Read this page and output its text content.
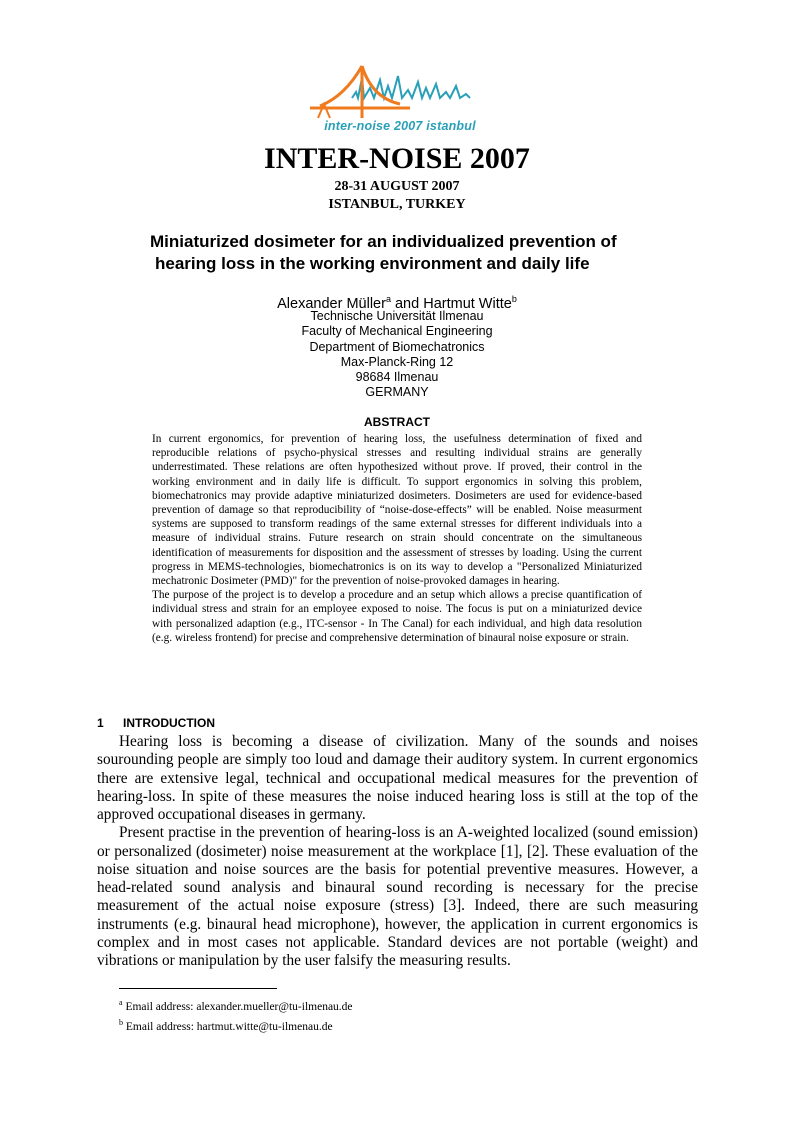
inter-noise 2007 istanbul
INTER-NOISE 2007
28-31 AUGUST 2007
ISTANBUL, TURKEY
Miniaturized dosimeter for an individualized prevention of
hearing loss in the working environment and daily life
Alexander Müller$^a$ and Hartmut Witte$^b$
Technische Universität Ilmenau
Faculty of Mechanical Engineering
Department of Biomechatronics
Max-Planck-Ring 12
98684 Ilmenau
GERMANY
ABSTRACT

In current ergonomics, for prevention of hearing loss, the usefulness determination of fixed and reproducible relations of psycho-physical stresses and resulting individual strains are generally underrestimated. These relations are often hypothesized without prove. If proved, their control in the working environment and in daily life is difficult. To support ergonomics in solving this problem, biomechatronics may provide adaptive miniaturized dosimeters. Dosimeters are used for evidence-based prevention of damage so that reproducibility of “noise-dose-effects” will be enabled. Noise measurment systems are supposed to transform readings of the same external stresses for different individuals into a measure of individual strains. Future research on strain should concentrate on the simultaneous identification of measurements for disposition and the assessment of stresses by loading. Using the current progress in MEMS-technologies, biomechatronics is on its way to develop a "Personalized Miniaturized mechatronic Dosimeter (PMD)" for the prevention of noise-provoked damages in hearing.

The purpose of the project is to develop a procedure and an setup which allows a precise quantification of individual stress and strain for an employee exposed to noise. The focus is put on a miniaturized device with personalized adaption (e.g., ITC-sensor - In The Canal) for each individual, and high data resolution (e.g. wireless frontend) for precise and comprehensive determination of binaural noise exposure or strain.

1 INTRODUCTION

Hearing loss is becoming a disease of civilization. Many of the sounds and noises sourounding people are simply too loud and damage their auditory system. In current ergonomics there are extensive legal, technical and occupational medical measures for the prevention of hearing-loss. In spite of these measures the noise induced hearing loss is still at the top of the approved occupational diseases in germany.

Present practise in the prevention of hearing-loss is an A-weighted localized (sound emission) or personalized (dosimeter) noise measurement at the workplace [1], [2]. These evaluation of the noise situation and noise sources are the basis for potential preventive measures. However, a head-related sound analysis and binaural sound recording is necessary for the precise measurement of the actual noise exposure (stress) [3]. Indeed, there are such measuring instruments (e.g. binaural head microphone), however, the application in current ergonomics is complex and in most cases not applicable. Standard devices are not portable (weight) and vibrations or manipulation by the user falsify the measuring results.

$^a$ Email address: alexander.mueller@tu-ilmenau.de
$^b$ Email address: hartmut.witte@tu-ilmenau.de
